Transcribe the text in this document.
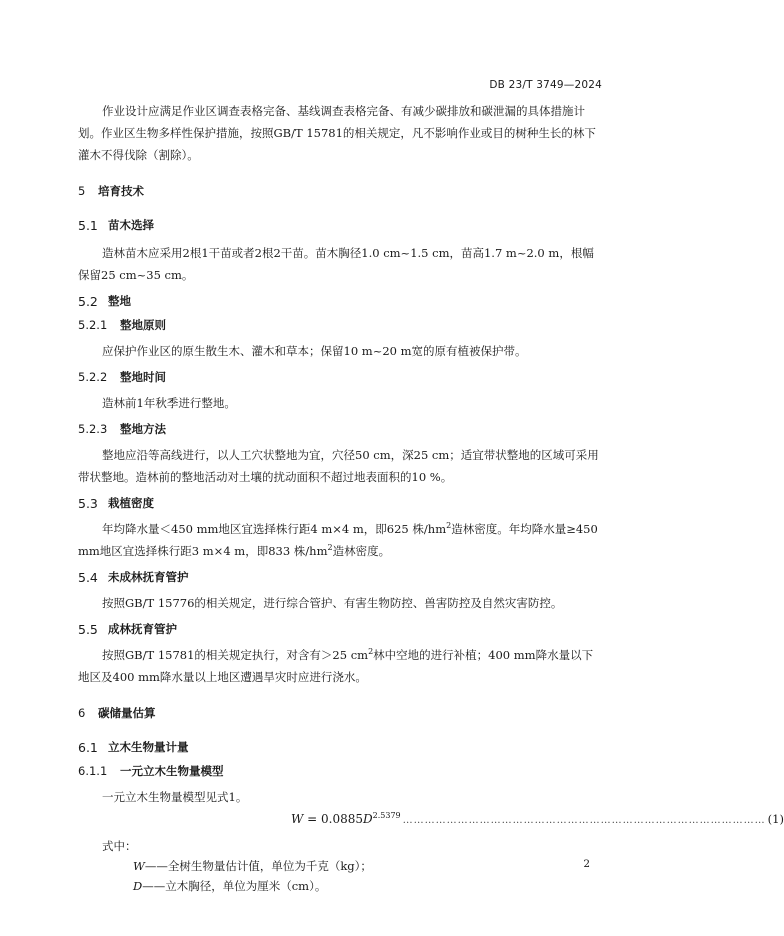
DB 23/T 3749—2024

作业设计应满足作业区调查表格完备、基线调查表格完备、有减少碳排放和碳泄漏的具体措施计划。作业区生物多样性保护措施，按照GB/T 15781的相关规定，凡不影响作业或目的树种生长的林下灌木不得伐除（割除）。

5	培育技术
5.1 苗木选择

造林苗木应采用2根1干苗或者2根2干苗。苗木胸径1.0 cm~1.5 cm，苗高1.7 m~2.0 m，根幅保留25 cm~35 cm。

5.2 整地
5.2.1	整地原则

应保护作业区的原生散生木、灌木和草本；保留10 m~20 m宽的原有植被保护带。

5.2.2	整地时间

造林前1年秋季进行整地。

5.2.3	整地方法

整地应沿等高线进行，以人工穴状整地为宜，穴径50 cm，深25 cm；适宜带状整地的区域可采用带状整地。造林前的整地活动对土壤的扰动面积不超过地表面积的10 %。

5.3 栽植密度

年均降水量＜450 mm地区宜选择株行距4 m×4 m，即625 株$/hm^2$造林密度。年均降水量≥450 mm地区宜选择株行距3 m×4 m，即833 株$/hm^2$造林密度。

5.4 未成林抚育管护

按照GB/T 15776的相关规定，进行综合管护、有害生物防控、兽害防控及自然灾害防控。

5.5 成林抚育管护

按照GB/T 15781的相关规定执行，对含有＞25 $cm^2$林中空地的进行补植；400 mm降水量以下地区及400 mm降水量以上地区遭遇旱灾时应进行浇水。

6	碳储量估算
6.1 立木生物量计量
6.1.1	一元立木生物量模型

一元立木生物量模型见式1。

$W = 0.0885D^{2.5379}$ ……………………………………………………………………………………… (1)

式中：

W——全树生物量估计值，单位为千克（kg）；

D——立木胸径，单位为厘米（cm）。

2
